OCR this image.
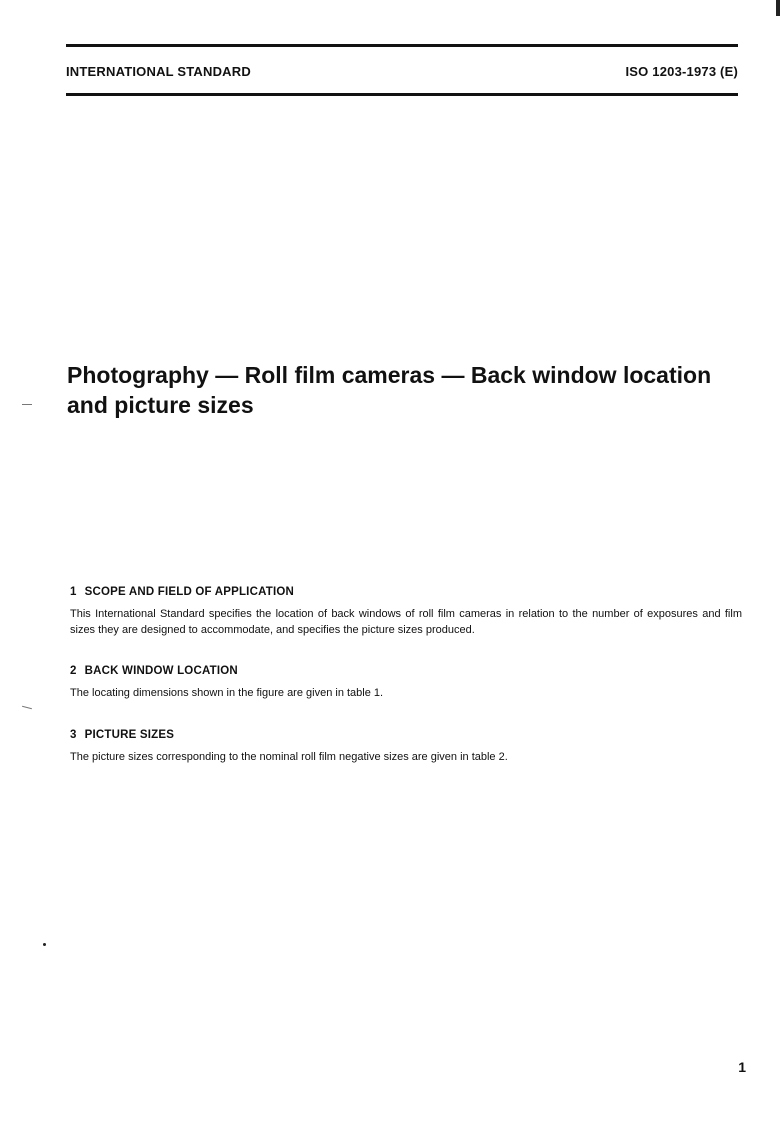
INTERNATIONAL STANDARD	ISO 1203-1973 (E)
Photography — Roll film cameras — Back window location and picture sizes

1 SCOPE AND FIELD OF APPLICATION

This International Standard specifies the location of back windows of roll film cameras in relation to the number of exposures and film sizes they are designed to accommodate, and specifies the picture sizes produced.

2 BACK WINDOW LOCATION

The locating dimensions shown in the figure are given in table 1.

3 PICTURE SIZES

The picture sizes corresponding to the nominal roll film negative sizes are given in table 2.

1
